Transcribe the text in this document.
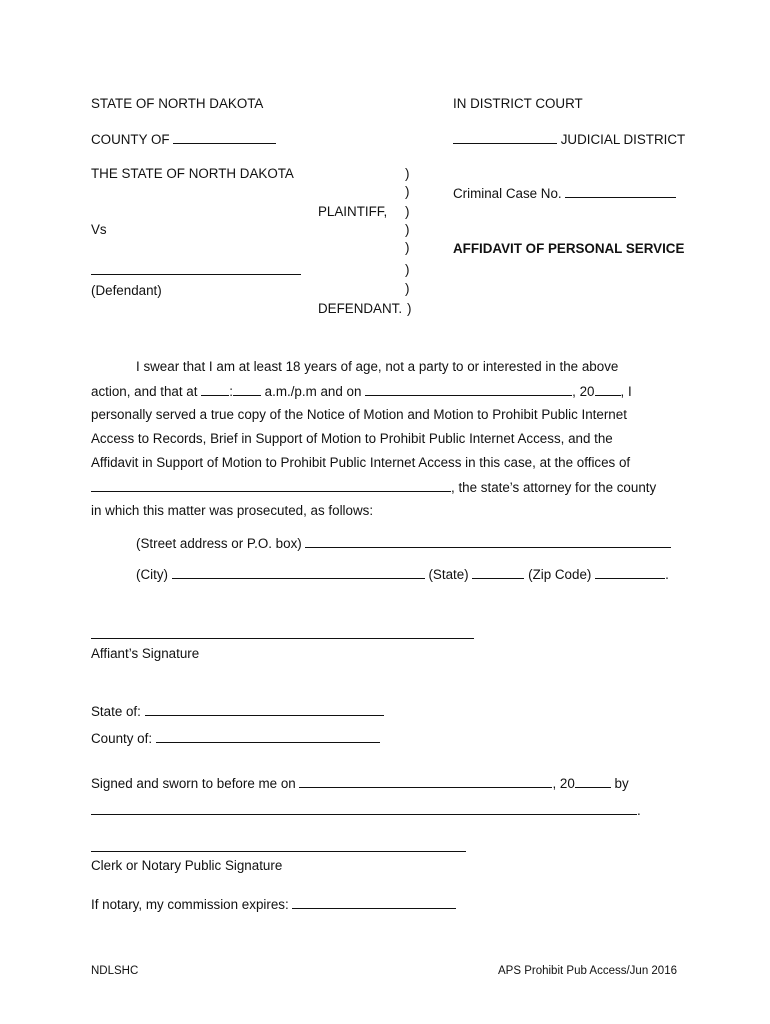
STATE OF NORTH DAKOTA	IN DISTRICT COURT
COUNTY OF	JUDICIAL DISTRICT
THE STATE OF NORTH DAKOTA
PLAINTIFF,
Vs
(Defendant)
DEFENDANT.
)
)
)
)
)
)
)
)
Criminal Case No.
AFFIDAVIT OF PERSONAL SERVICE
I swear that I am at least 18 years of age, not a party to or interested in the above
action, and that at : a.m./p.m and on	, 20 , I
personally served a true copy of the Notice of Motion and Motion to Prohibit Public Internet
Access to Records, Brief in Support of Motion to Prohibit Public Internet Access, and the
Affidavit in Support of Motion to Prohibit Public Internet Access in this case, at the offices of
, the state’s attorney for the county
in which this matter was prosecuted, as follows:
(Street address or P.O. box)
(City)	(State)	(Zip Code)	.
Affiant’s Signature
State of:
County of:
Signed and sworn to before me on	, 20	by
.
Clerk or Notary Public Signature
If notary, my commission expires:
NDLSHC	APS Prohibit Pub Access/Jun 2016
